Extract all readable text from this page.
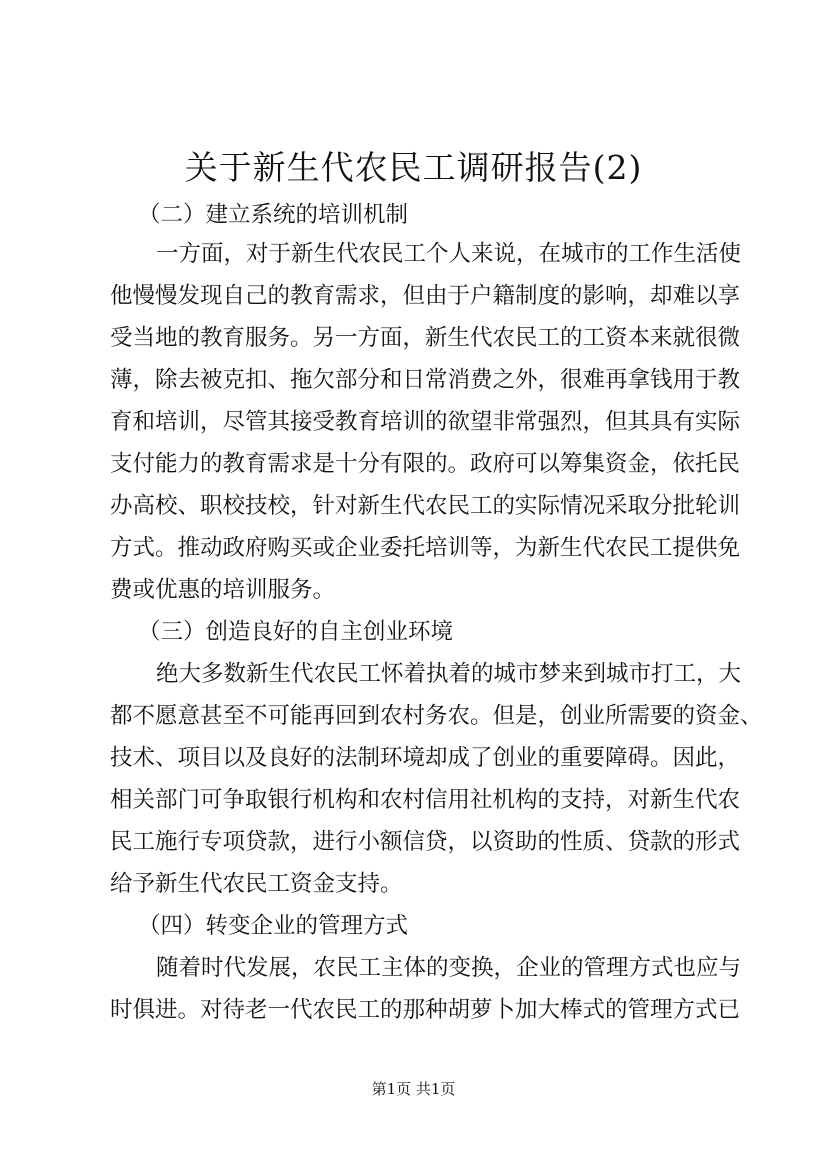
关于新生代农民工调研报告(2)
（二）建立系统的培训机制
一方面，对于新生代农民工个人来说，在城市的工作生活使
他慢慢发现自己的教育需求，但由于户籍制度的影响，却难以享
受当地的教育服务。另一方面，新生代农民工的工资本来就很微
薄，除去被克扣、拖欠部分和日常消费之外，很难再拿钱用于教
育和培训，尽管其接受教育培训的欲望非常强烈，但其具有实际
支付能力的教育需求是十分有限的。政府可以筹集资金，依托民
办高校、职校技校，针对新生代农民工的实际情况采取分批轮训
方式。推动政府购买或企业委托培训等，为新生代农民工提供免
费或优惠的培训服务。
（三）创造良好的自主创业环境
绝大多数新生代农民工怀着执着的城市梦来到城市打工，大
都不愿意甚至不可能再回到农村务农。但是，创业所需要的资金、
技术、项目以及良好的法制环境却成了创业的重要障碍。因此，
相关部门可争取银行机构和农村信用社机构的支持，对新生代农
民工施行专项贷款，进行小额信贷，以资助的性质、贷款的形式
给予新生代农民工资金支持。
（四）转变企业的管理方式
随着时代发展，农民工主体的变换，企业的管理方式也应与
时俱进。对待老一代农民工的那种胡萝卜加大棒式的管理方式已
第1页 共1页
